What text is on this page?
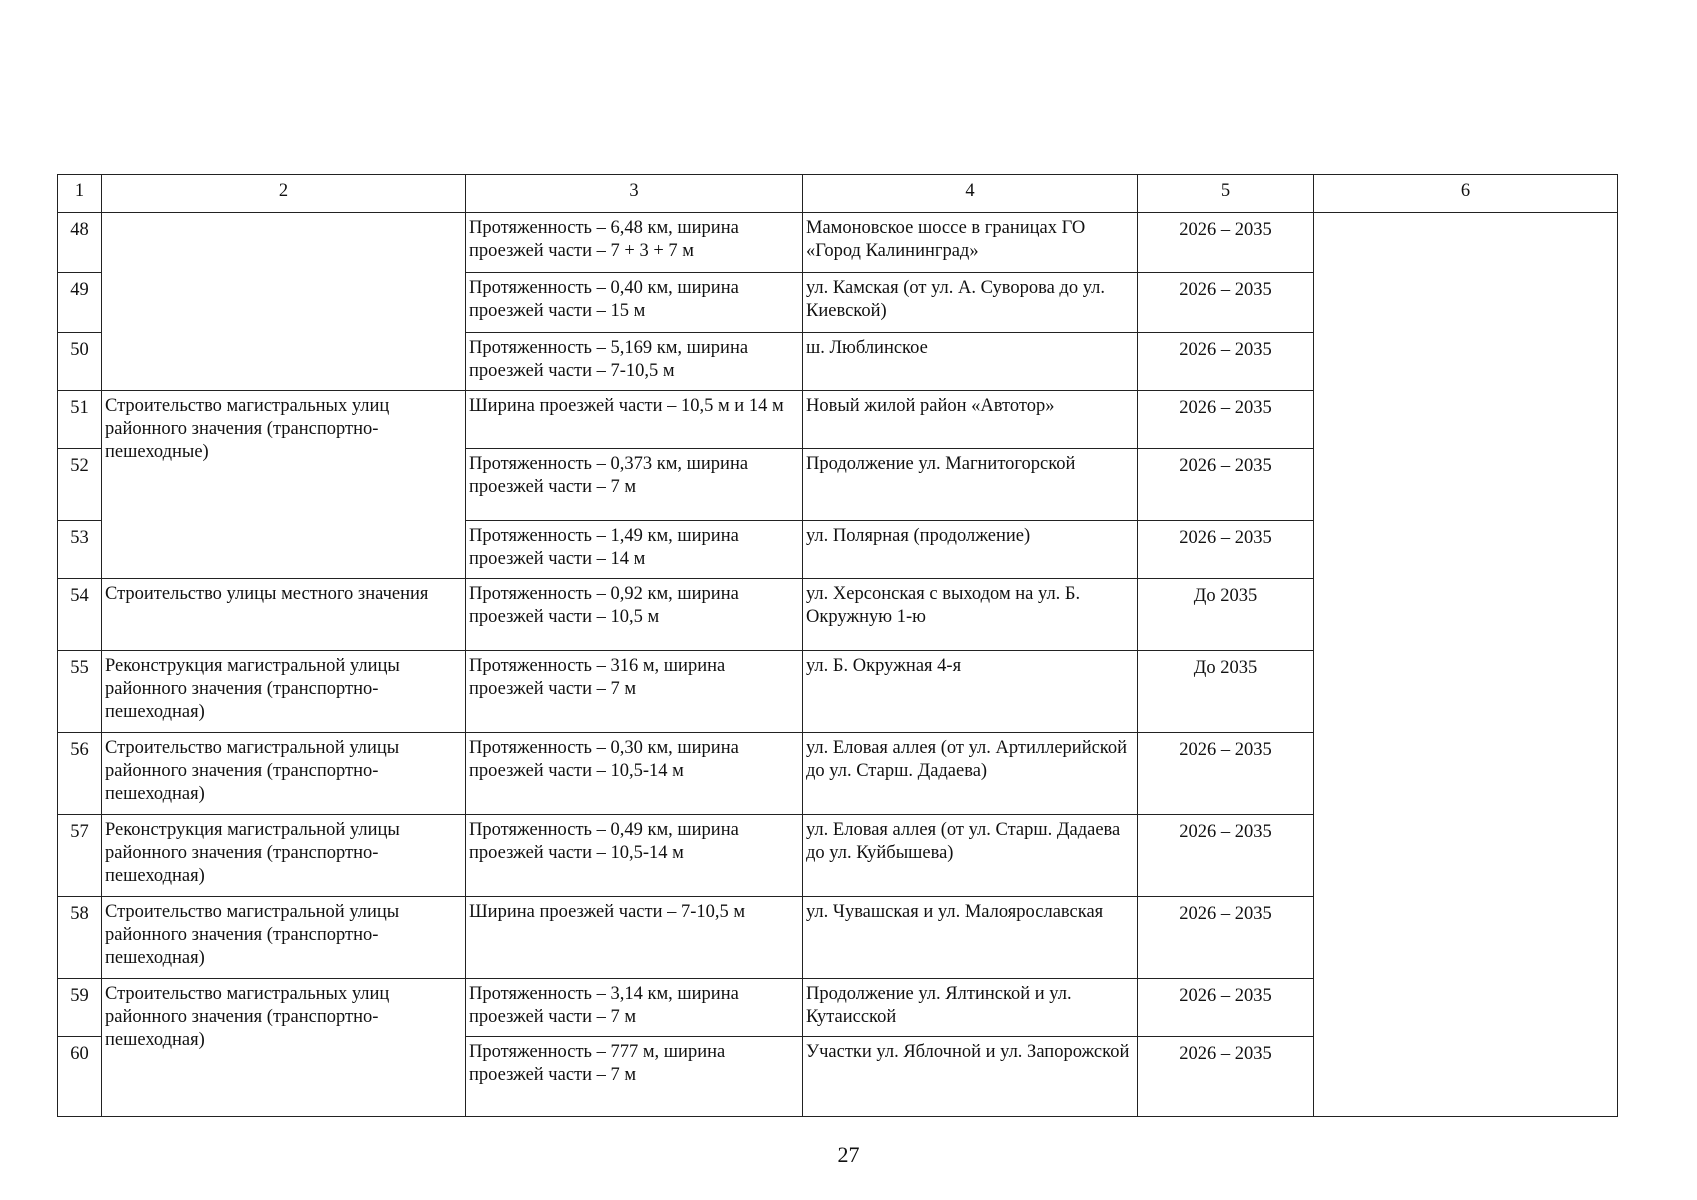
1	2	3	4	5	6
48		Протяженность – 6,48 км, ширина проезжей части – 7 + 3 + 7 м	Мамоновское шоссе в границах ГО «Город Калининград»	2026 – 2035	
49		Протяженность – 0,40 км, ширина проезжей части – 15 м	ул. Камская (от ул. А. Суворова до ул. Киевской)	2026 – 2035	
50		Протяженность – 5,169 км, ширина проезжей части – 7-10,5 м	ш. Люблинское	2026 – 2035	
51	Строительство магистральных улиц районного значения (транспортно-пешеходные)	Ширина проезжей части – 10,5 м и 14 м	Новый жилой район «Автотор»	2026 – 2035	
52		Протяженность – 0,373 км, ширина проезжей части – 7 м	Продолжение ул. Магнитогорской	2026 – 2035	
53		Протяженность – 1,49 км, ширина проезжей части – 14 м	ул. Полярная (продолжение)	2026 – 2035	
54	Строительство улицы местного значения	Протяженность – 0,92 км, ширина проезжей части – 10,5 м	ул. Херсонская с выходом на ул. Б. Окружную 1-ю	До 2035	
55	Реконструкция магистральной улицы районного значения (транспортно-пешеходная)	Протяженность – 316 м, ширина проезжей части – 7 м	ул. Б. Окружная 4-я	До 2035	
56	Строительство магистральной улицы районного значения (транспортно-пешеходная)	Протяженность – 0,30 км, ширина проезжей части – 10,5-14 м	ул. Еловая аллея (от ул. Артиллерийской до ул. Старш. Дадаева)	2026 – 2035	
57	Реконструкция магистральной улицы районного значения (транспортно-пешеходная)	Протяженность – 0,49 км, ширина проезжей части – 10,5-14 м	ул. Еловая аллея (от ул. Старш. Дадаева до ул. Куйбышева)	2026 – 2035	
58	Строительство магистральной улицы районного значения (транспортно-пешеходная)	Ширина проезжей части – 7-10,5 м	ул. Чувашская и ул. Малоярославская	2026 – 2035	
59	Строительство магистральных улиц районного значения (транспортно-пешеходная)	Протяженность – 3,14 км, ширина проезжей части – 7 м	Продолжение ул. Ялтинской и ул. Кутаисской	2026 – 2035	
60		Протяженность – 777 м, ширина проезжей части – 7 м	Участки ул. Яблочной и ул. Запорожской	2026 – 2035	
27
